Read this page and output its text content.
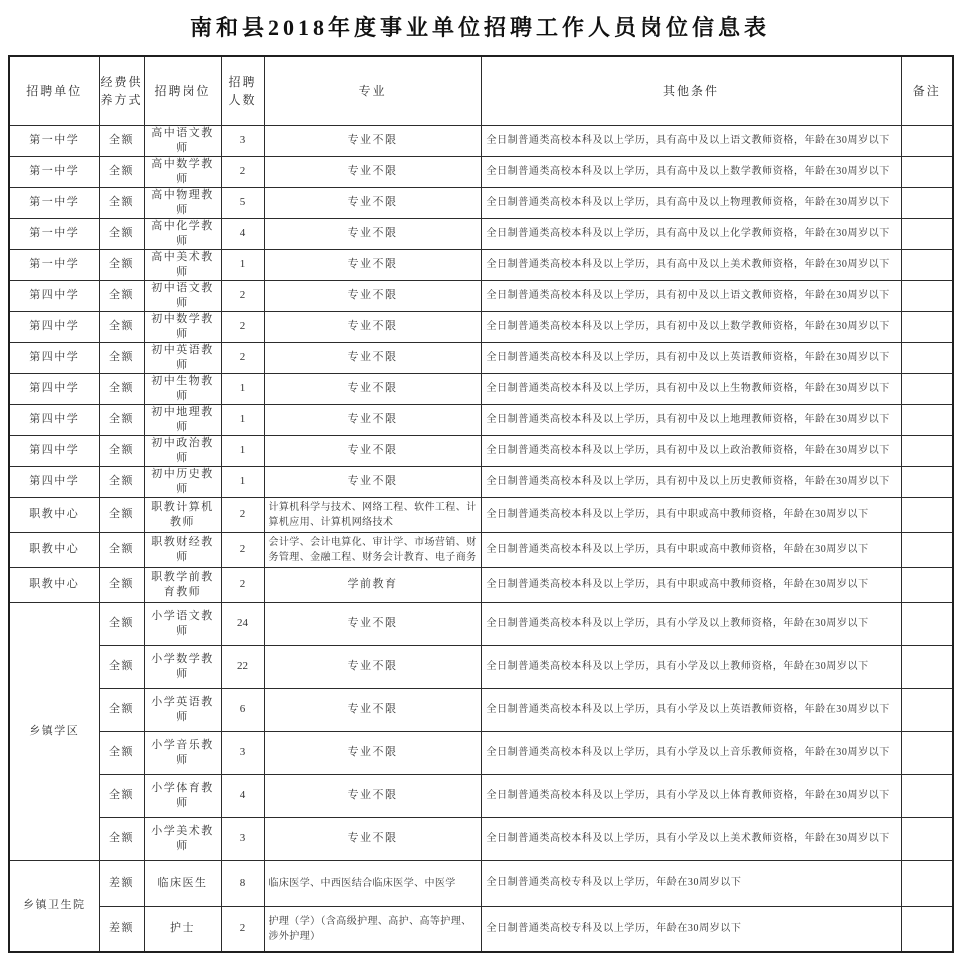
南和县2018年度事业单位招聘工作人员岗位信息表
招聘单位	经费供养方式	招聘岗位	招聘人数	专业	其他条件	备注
第一中学	全额	高中语文教师	3	专业不限	全日制普通类高校本科及以上学历，具有高中及以上语文教师资格，年龄在30周岁以下	
第一中学	全额	高中数学教师	2	专业不限	全日制普通类高校本科及以上学历，具有高中及以上数学教师资格，年龄在30周岁以下	
第一中学	全额	高中物理教师	5	专业不限	全日制普通类高校本科及以上学历，具有高中及以上物理教师资格，年龄在30周岁以下	
第一中学	全额	高中化学教师	4	专业不限	全日制普通类高校本科及以上学历，具有高中及以上化学教师资格，年龄在30周岁以下	
第一中学	全额	高中美术教师	1	专业不限	全日制普通类高校本科及以上学历，具有高中及以上美术教师资格，年龄在30周岁以下	
第四中学	全额	初中语文教师	2	专业不限	全日制普通类高校本科及以上学历，具有初中及以上语文教师资格，年龄在30周岁以下	
第四中学	全额	初中数学教师	2	专业不限	全日制普通类高校本科及以上学历，具有初中及以上数学教师资格，年龄在30周岁以下	
第四中学	全额	初中英语教师	2	专业不限	全日制普通类高校本科及以上学历，具有初中及以上英语教师资格，年龄在30周岁以下	
第四中学	全额	初中生物教师	1	专业不限	全日制普通类高校本科及以上学历，具有初中及以上生物教师资格，年龄在30周岁以下	
第四中学	全额	初中地理教师	1	专业不限	全日制普通类高校本科及以上学历，具有初中及以上地理教师资格，年龄在30周岁以下	
第四中学	全额	初中政治教师	1	专业不限	全日制普通类高校本科及以上学历，具有初中及以上政治教师资格，年龄在30周岁以下	
第四中学	全额	初中历史教师	1	专业不限	全日制普通类高校本科及以上学历，具有初中及以上历史教师资格，年龄在30周岁以下	
职教中心	全额	职教计算机教师	2	计算机科学与技术、网络工程、软件工程、计算机应用、计算机网络技术	全日制普通类高校本科及以上学历，具有中职或高中教师资格，年龄在30周岁以下	
职教中心	全额	职教财经教师	2	会计学、会计电算化、审计学、市场营销、财务管理、金融工程、财务会计教育、电子商务	全日制普通类高校本科及以上学历，具有中职或高中教师资格，年龄在30周岁以下	
职教中心	全额	职教学前教育教师	2	学前教育	全日制普通类高校本科及以上学历，具有中职或高中教师资格，年龄在30周岁以下	
乡镇学区	全额	小学语文教师	24	专业不限	全日制普通类高校本科及以上学历，具有小学及以上教师资格，年龄在30周岁以下	
	全额	小学数学教师	22	专业不限	全日制普通类高校本科及以上学历，具有小学及以上教师资格，年龄在30周岁以下	
	全额	小学英语教师	6	专业不限	全日制普通类高校本科及以上学历，具有小学及以上英语教师资格，年龄在30周岁以下	
	全额	小学音乐教师	3	专业不限	全日制普通类高校本科及以上学历，具有小学及以上音乐教师资格，年龄在30周岁以下	
	全额	小学体育教师	4	专业不限	全日制普通类高校本科及以上学历，具有小学及以上体育教师资格，年龄在30周岁以下	
	全额	小学美术教师	3	专业不限	全日制普通类高校本科及以上学历，具有小学及以上美术教师资格，年龄在30周岁以下	
乡镇卫生院	差额	临床医生	8	临床医学、中西医结合临床医学、中医学	全日制普通类高校专科及以上学历，年龄在30周岁以下	
	差额	护士	2	护理（学）（含高级护理、高护、高等护理、涉外护理）	全日制普通类高校专科及以上学历，年龄在30周岁以下	
